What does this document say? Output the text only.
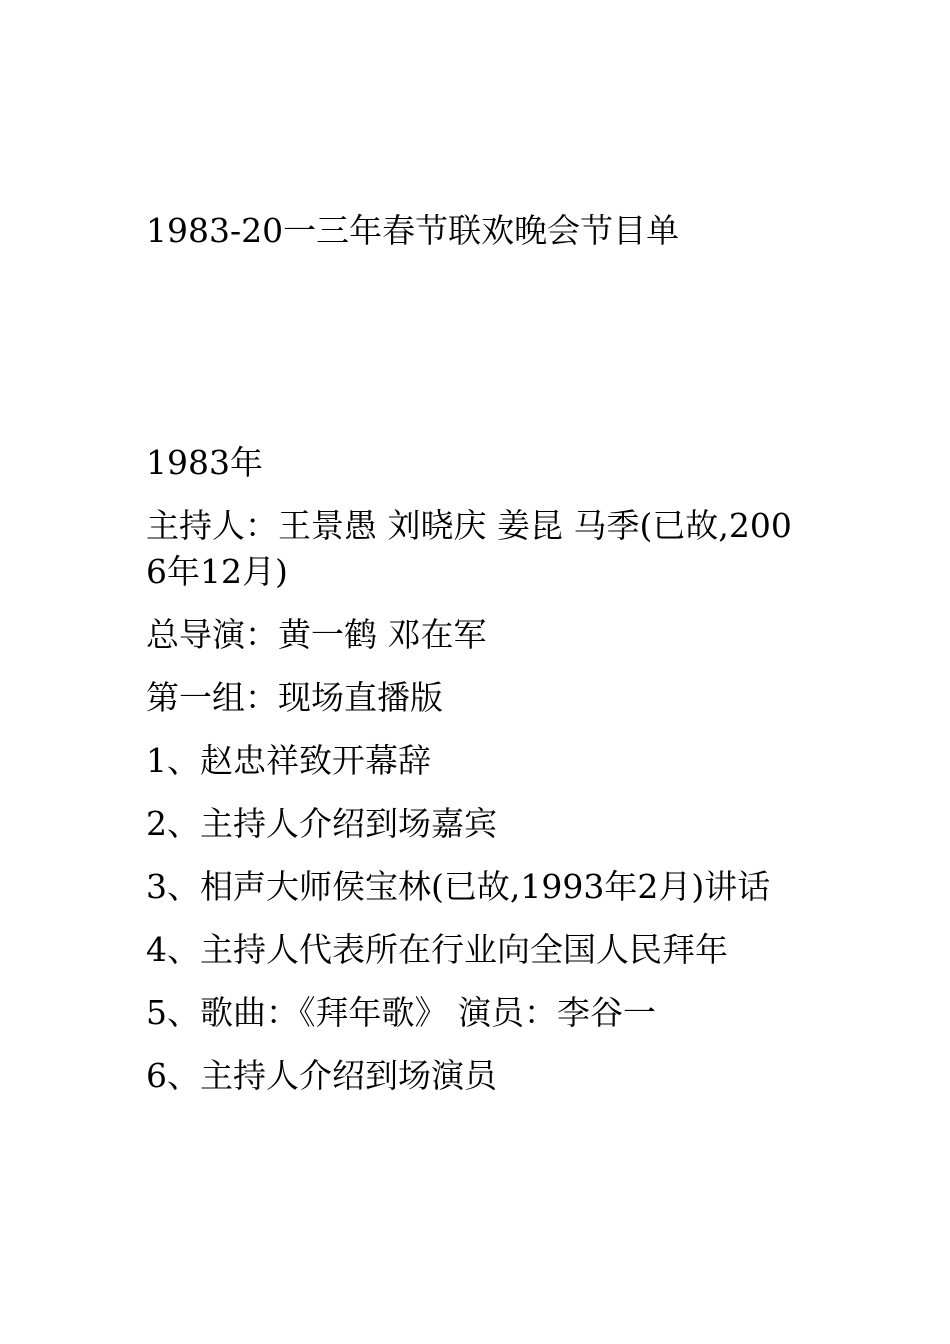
1983-20一三年春节联欢晚会节目单

1983年

主持人：王景愚 刘晓庆 姜昆 马季(已故,2006年12月)

总导演：黄一鹤 邓在军

第一组：现场直播版

1、赵忠祥致开幕辞

2、主持人介绍到场嘉宾

3、相声大师侯宝林(已故,1993年2月)讲话

4、主持人代表所在行业向全国人民拜年

5、歌曲：《拜年歌》 演员：李谷一

6、主持人介绍到场演员
